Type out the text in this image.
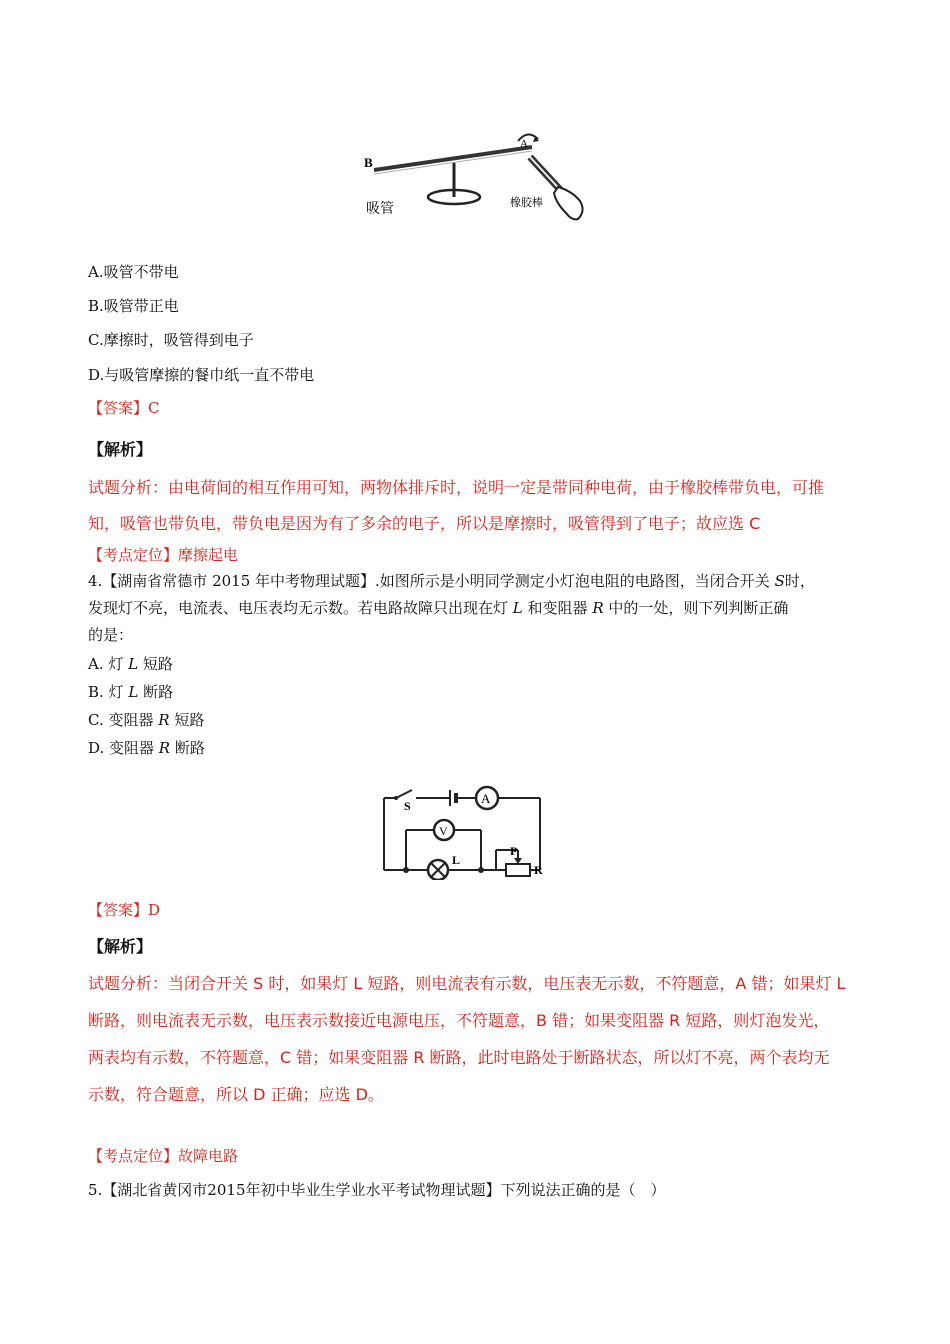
B
A
吸管	橡胶棒
A.吸管不带电
B.吸管带正电
C.摩擦时，吸管得到电子
D.与吸管摩擦的餐巾纸一直不带电
【答案】C
【解析】
试题分析：由电荷间的相互作用可知，两物体排斥时，说明一定是带同种电荷，由于橡胶棒带负电，可推
知，吸管也带负电，带负电是因为有了多余的电子，所以是摩擦时，吸管得到了电子；故应选 C
【考点定位】摩擦起电
4.【湖南省常德市 2015 年中考物理试题】.如图所示是小明同学测定小灯泡电阻的电路图，当闭合开关 S时，
发现灯不亮，电流表、电压表均无示数。若电路故障只出现在灯 L 和变阻器 R 中的一处，则下列判断正确
的是：
A. 灯 L 短路
B. 灯 L 断路
C. 变阻器 R 短路
D. 变阻器 R 断路
S	A
V
L
P
R
【答案】D
【解析】
试题分析：当闭合开关 S 时，如果灯 L 短路，则电流表有示数，电压表无示数，不符题意，A 错；如果灯 L
断路，则电流表无示数，电压表示数接近电源电压，不符题意，B 错；如果变阻器 R 短路，则灯泡发光，
两表均有示数，不符题意，C 错；如果变阻器 R 断路，此时电路处于断路状态，所以灯不亮，两个表均无
示数，符合题意，所以 D 正确；应选 D。
【考点定位】故障电路
5.【湖北省黄冈市2015年初中毕业生学业水平考试物理试题】下列说法正确的是（　）
